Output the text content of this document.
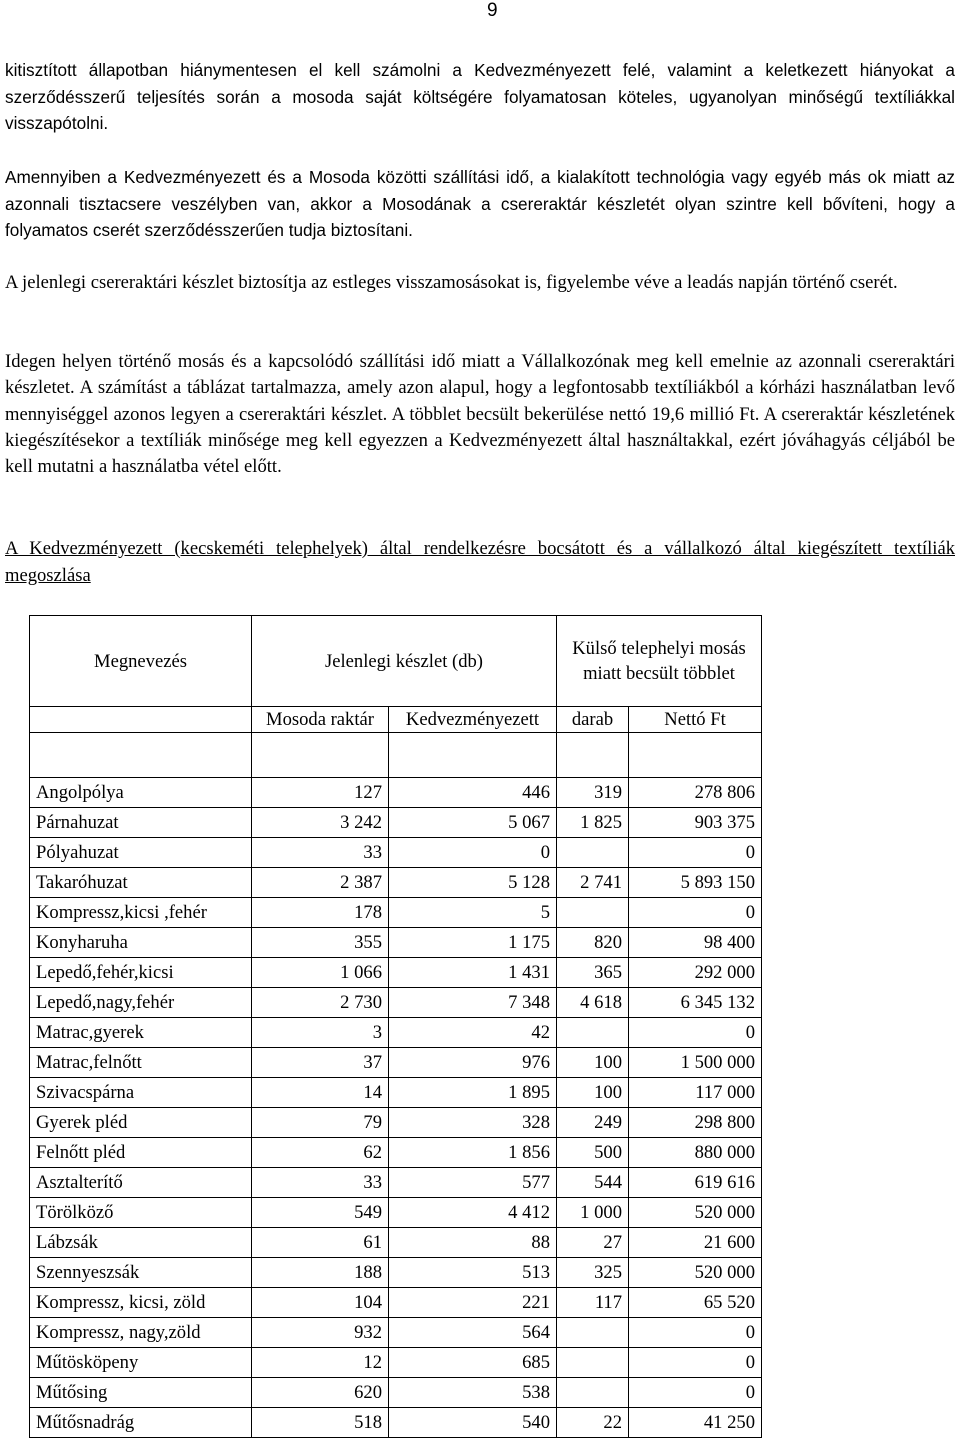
9

kitisztított állapotban hiánymentesen el kell számolni a Kedvezményezett felé, valamint a keletkezett hiányokat a szerződésszerű teljesítés során a mosoda saját költségére folyamatosan köteles, ugyanolyan minőségű textíliákkal visszapótolni.

Amennyiben a Kedvezményezett és a Mosoda közötti szállítási idő, a kialakított technológia vagy egyéb más ok miatt az azonnali tisztacsere veszélyben van, akkor a Mosodának a csereraktár készletét olyan szintre kell bővíteni, hogy a folyamatos cserét szerződésszerűen tudja biztosítani.

A jelenlegi csereraktári készlet biztosítja az estleges visszamosásokat is, figyelembe véve a leadás napján történő cserét.

Idegen helyen történő mosás és a kapcsolódó szállítási idő miatt a Vállalkozónak meg kell emelnie az azonnali csereraktári készletet. A számítást a táblázat tartalmazza, amely azon alapul, hogy a legfontosabb textíliákból a kórházi használatban levő mennyiséggel azonos legyen a csereraktári készlet. A többlet becsült bekerülése nettó 19,6 millió Ft. A csereraktár készletének kiegészítésekor a textíliák minősége meg kell egyezzen a Kedvezményezett által használtakkal, ezért jóváhagyás céljából be kell mutatni a használatba vétel előtt.

A Kedvezményezett (kecskeméti telephelyek) által rendelkezésre bocsátott és a vállalkozó által kiegészített textíliák megoszlása

Megnevezés	Jelenlegi készlet (db)		Külső telephelyi mosás miatt becsült többlet	
	Mosoda raktár	Kedvezményezett	darab	Nettó Ft

Angolpólya	127	446	319	278 806
Párnahuzat	3 242	5 067	1 825	903 375
Pólyahuzat	33	0		0
Takaróhuzat	2 387	5 128	2 741	5 893 150
Kompressz,kicsi ,fehér	178	5		0
Konyharuha	355	1 175	820	98 400
Lepedő,fehér,kicsi	1 066	1 431	365	292 000
Lepedő,nagy,fehér	2 730	7 348	4 618	6 345 132
Matrac,gyerek	3	42		0
Matrac,felnőtt	37	976	100	1 500 000
Szivacspárna	14	1 895	100	117 000
Gyerek pléd	79	328	249	298 800
Felnőtt pléd	62	1 856	500	880 000
Asztalterítő	33	577	544	619 616
Törölköző	549	4 412	1 000	520 000
Lábzsák	61	88	27	21 600
Szennyeszsák	188	513	325	520 000
Kompressz, kicsi, zöld	104	221	117	65 520
Kompressz, nagy,zöld	932	564		0
Műtösköpeny	12	685		0
Műtősing	620	538		0
Műtősnadrág	518	540	22	41 250
